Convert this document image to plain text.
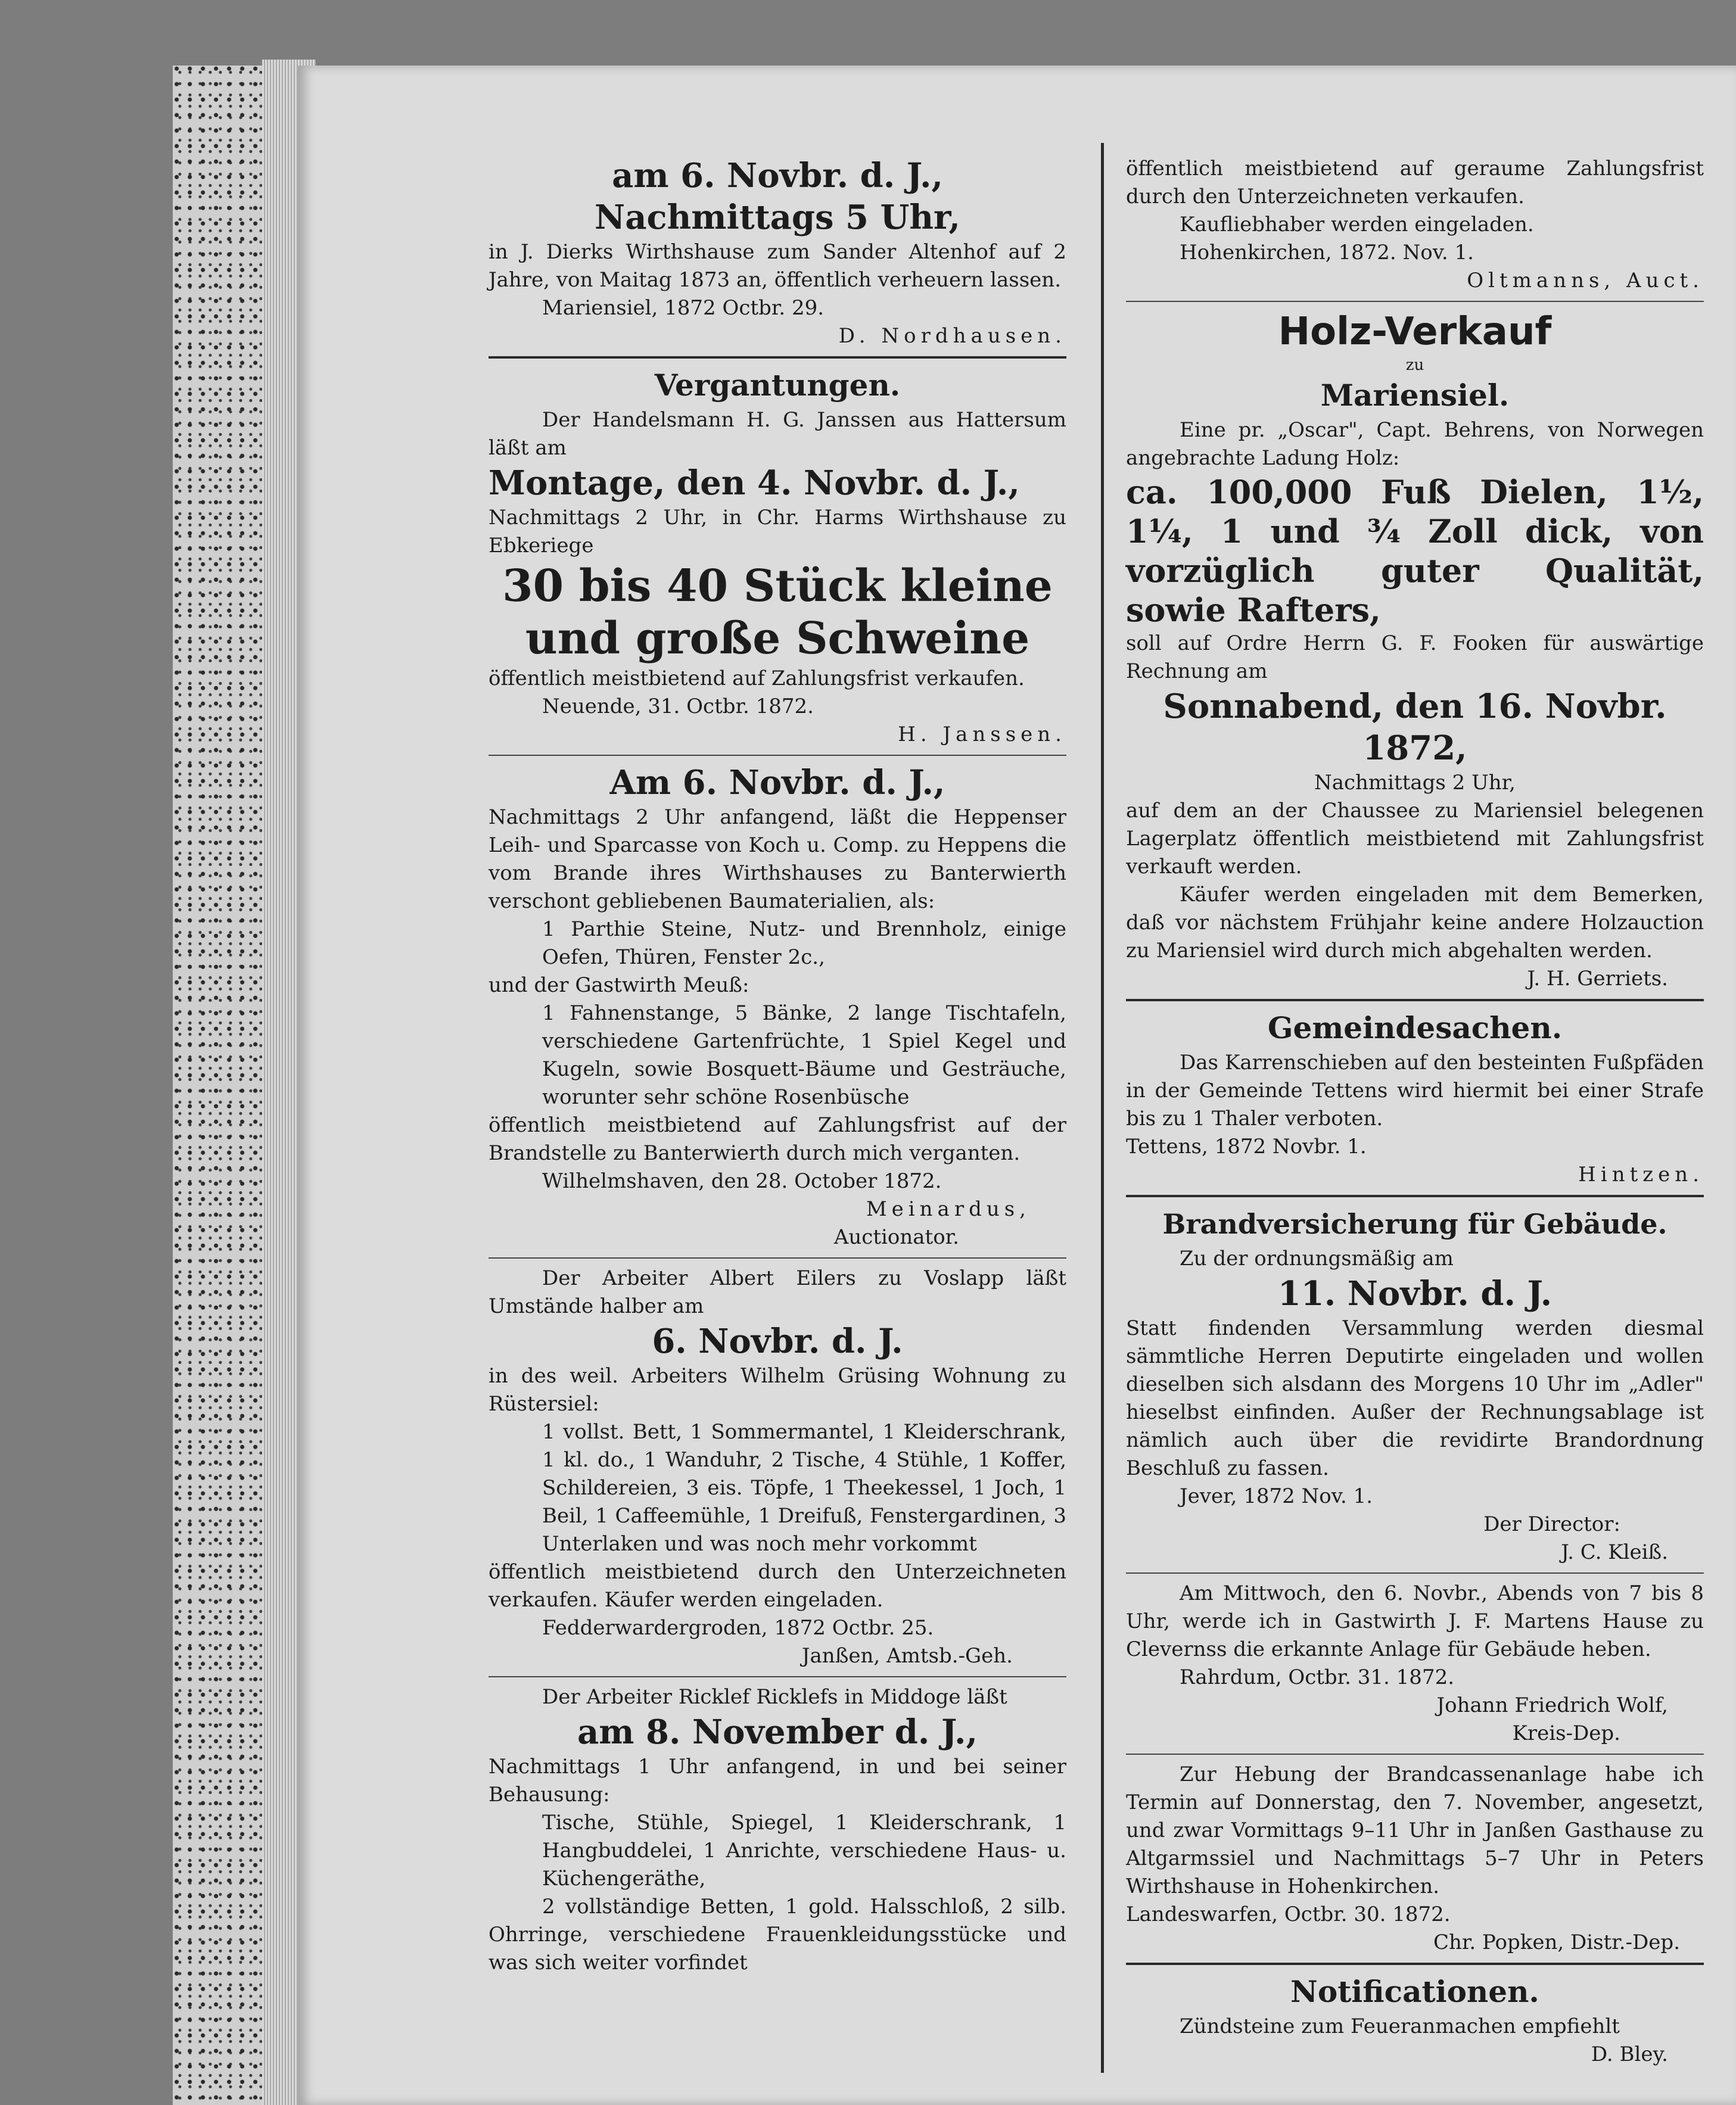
am 6. Novbr. d. J.,

Nachmittags 5 Uhr,

in J. Dierks Wirthshause zum Sander Altenhof auf 2 Jahre, von Maitag 1873 an, öffentlich verheuern lassen.

Mariensiel, 1872 Octbr. 29.

D. Nordhausen.

Vergantungen.

Der Handelsmann H. G. Janssen aus Hattersum läßt am

Montage, den 4. Novbr. d. J.,

Nachmittags 2 Uhr, in Chr. Harms Wirthshause zu Ebkeriege

30 bis 40 Stück kleine

und große Schweine

öffentlich meistbietend auf Zahlungsfrist verkaufen.

Neuende, 31. Octbr. 1872.

H. Janssen.

Am 6. Novbr. d. J.,

Nachmittags 2 Uhr anfangend, läßt die Heppenser Leih- und Sparcasse von Koch u. Comp. zu Heppens die vom Brande ihres Wirthshauses zu Banterwierth verschont gebliebenen Baumaterialien, als:

1 Parthie Steine, Nutz- und Brennholz, einige Oefen, Thüren, Fenster 2c.,

und der Gastwirth Meuß:

1 Fahnenstange, 5 Bänke, 2 lange Tischtafeln, verschiedene Gartenfrüchte, 1 Spiel Kegel und Kugeln, sowie Bosquett-Bäume und Gesträuche, worunter sehr schöne Rosenbüsche

öffentlich meistbietend auf Zahlungsfrist auf der Brandstelle zu Banterwierth durch mich verganten.

Wilhelmshaven, den 28. October 1872.

Meinardus,

Auctionator.

Der Arbeiter Albert Eilers zu Voslapp läßt Umstände halber am

6. Novbr. d. J.

in des weil. Arbeiters Wilhelm Grüsing Wohnung zu Rüstersiel:

1 vollst. Bett, 1 Sommermantel, 1 Kleiderschrank, 1 kl. do., 1 Wanduhr, 2 Tische, 4 Stühle, 1 Koffer, Schildereien, 3 eis. Töpfe, 1 Theekessel, 1 Joch, 1 Beil, 1 Caffeemühle, 1 Dreifuß, Fenstergardinen, 3 Unterlaken und was noch mehr vorkommt

öffentlich meistbietend durch den Unterzeichneten verkaufen. Käufer werden eingeladen.

Fedderwardergroden, 1872 Octbr. 25.

Janßen, Amtsb.-Geh.

Der Arbeiter Ricklef Ricklefs in Middoge läßt

am 8. November d. J.,

Nachmittags 1 Uhr anfangend, in und bei seiner Behausung:

Tische, Stühle, Spiegel, 1 Kleiderschrank, 1 Hangbuddelei, 1 Anrichte, verschiedene Haus- u. Küchengeräthe,

2 vollständige Betten, 1 gold. Halsschloß, 2 silb. Ohrringe, verschiedene Frauenkleidungsstücke und was sich weiter vorfindet

öffentlich meistbietend auf geraume Zahlungsfrist durch den Unterzeichneten verkaufen.

Kaufliebhaber werden eingeladen.

Hohenkirchen, 1872. Nov. 1.

Oltmanns, Auct.

Holz-Verkauf

zu

Mariensiel.

Eine pr. „Oscar", Capt. Behrens, von Norwegen angebrachte Ladung Holz:

ca. 100,000 Fuß Dielen, 1½, 1¼, 1 und ¾ Zoll dick, von vorzüglich guter Qualität, sowie Rafters,

soll auf Ordre Herrn G. F. Fooken für auswärtige Rechnung am

Sonnabend, den 16. Novbr. 1872,

Nachmittags 2 Uhr,

auf dem an der Chaussee zu Mariensiel belegenen Lagerplatz öffentlich meistbietend mit Zahlungsfrist verkauft werden.

Käufer werden eingeladen mit dem Bemerken, daß vor nächstem Frühjahr keine andere Holzauction zu Mariensiel wird durch mich abgehalten werden.

J. H. Gerriets.

Gemeindesachen.

Das Karrenschieben auf den besteinten Fußpfäden in der Gemeinde Tettens wird hiermit bei einer Strafe bis zu 1 Thaler verboten.

Tettens, 1872 Novbr. 1.

Hintzen.

Brandversicherung für Gebäude.

Zu der ordnungsmäßig am

11. Novbr. d. J.

Statt findenden Versammlung werden diesmal sämmtliche Herren Deputirte eingeladen und wollen dieselben sich alsdann des Morgens 10 Uhr im „Adler" hieselbst einfinden. Außer der Rechnungsablage ist nämlich auch über die revidirte Brandordnung Beschluß zu fassen.

Jever, 1872 Nov. 1.

Der Director:

J. C. Kleiß.

Am Mittwoch, den 6. Novbr., Abends von 7 bis 8 Uhr, werde ich in Gastwirth J. F. Martens Hause zu Clevernss die erkannte Anlage für Gebäude heben.

Rahrdum, Octbr. 31. 1872.

Johann Friedrich Wolf,

Kreis-Dep.

Zur Hebung der Brandcassenanlage habe ich Termin auf Donnerstag, den 7. November, angesetzt, und zwar Vormittags 9–11 Uhr in Janßen Gasthause zu Altgarmssiel und Nachmittags 5–7 Uhr in Peters Wirthshause in Hohenkirchen.

Landeswarfen, Octbr. 30. 1872.

Chr. Popken, Distr.-Dep.

Notificationen.

Zündsteine zum Feueranmachen empfiehlt

D. Bley.
